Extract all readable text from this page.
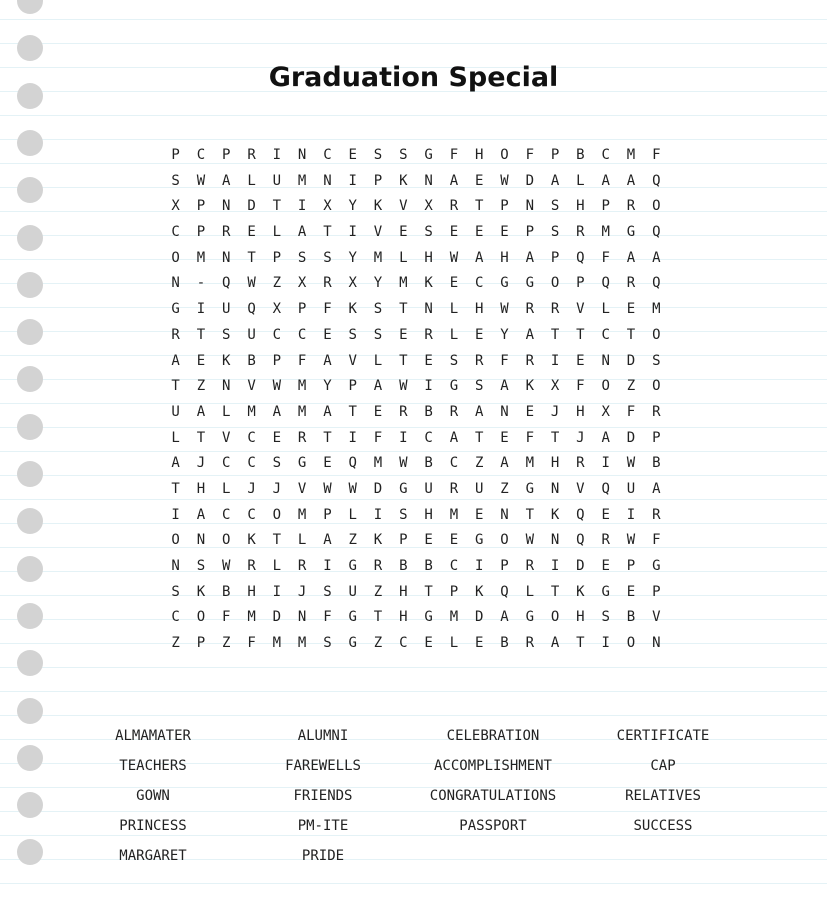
Graduation Special
P	C	P	R	I	N	C	E	S	S	G	F	H	O	F	P	B	C	M	F
S	W	A	L	U	M	N	I	P	K	N	A	E	W	D	A	L	A	A	Q
X	P	N	D	T	I	X	Y	K	V	X	R	T	P	N	S	H	P	R	O
C	P	R	E	L	A	T	I	V	E	S	E	E	E	P	S	R	M	G	Q
O	M	N	T	P	S	S	Y	M	L	H	W	A	H	A	P	Q	F	A	A
N	-	Q	W	Z	X	R	X	Y	M	K	E	C	G	G	O	P	Q	R	Q
G	I	U	Q	X	P	F	K	S	T	N	L	H	W	R	R	V	L	E	M
R	T	S	U	C	C	E	S	S	E	R	L	E	Y	A	T	T	C	T	O
A	E	K	B	P	F	A	V	L	T	E	S	R	F	R	I	E	N	D	S
T	Z	N	V	W	M	Y	P	A	W	I	G	S	A	K	X	F	O	Z	O
U	A	L	M	A	M	A	T	E	R	B	R	A	N	E	J	H	X	F	R
L	T	V	C	E	R	T	I	F	I	C	A	T	E	F	T	J	A	D	P
A	J	C	C	S	G	E	Q	M	W	B	C	Z	A	M	H	R	I	W	B
T	H	L	J	J	V	W	W	D	G	U	R	U	Z	G	N	V	Q	U	A
I	A	C	C	O	M	P	L	I	S	H	M	E	N	T	K	Q	E	I	R
O	N	O	K	T	L	A	Z	K	P	E	E	G	O	W	N	Q	R	W	F
N	S	W	R	L	R	I	G	R	B	B	C	I	P	R	I	D	E	P	G
S	K	B	H	I	J	S	U	Z	H	T	P	K	Q	L	T	K	G	E	P
C	O	F	M	D	N	F	G	T	H	G	M	D	A	G	O	H	S	B	V
Z	P	Z	F	M	M	S	G	Z	C	E	L	E	B	R	A	T	I	O	N
ALMAMATER	ALUMNI	CELEBRATION	CERTIFICATE
TEACHERS	FAREWELLS	ACCOMPLISHMENT	CAP
GOWN	FRIENDS	CONGRATULATIONS	RELATIVES
PRINCESS	PM-ITE	PASSPORT	SUCCESS
MARGARET	PRIDE
